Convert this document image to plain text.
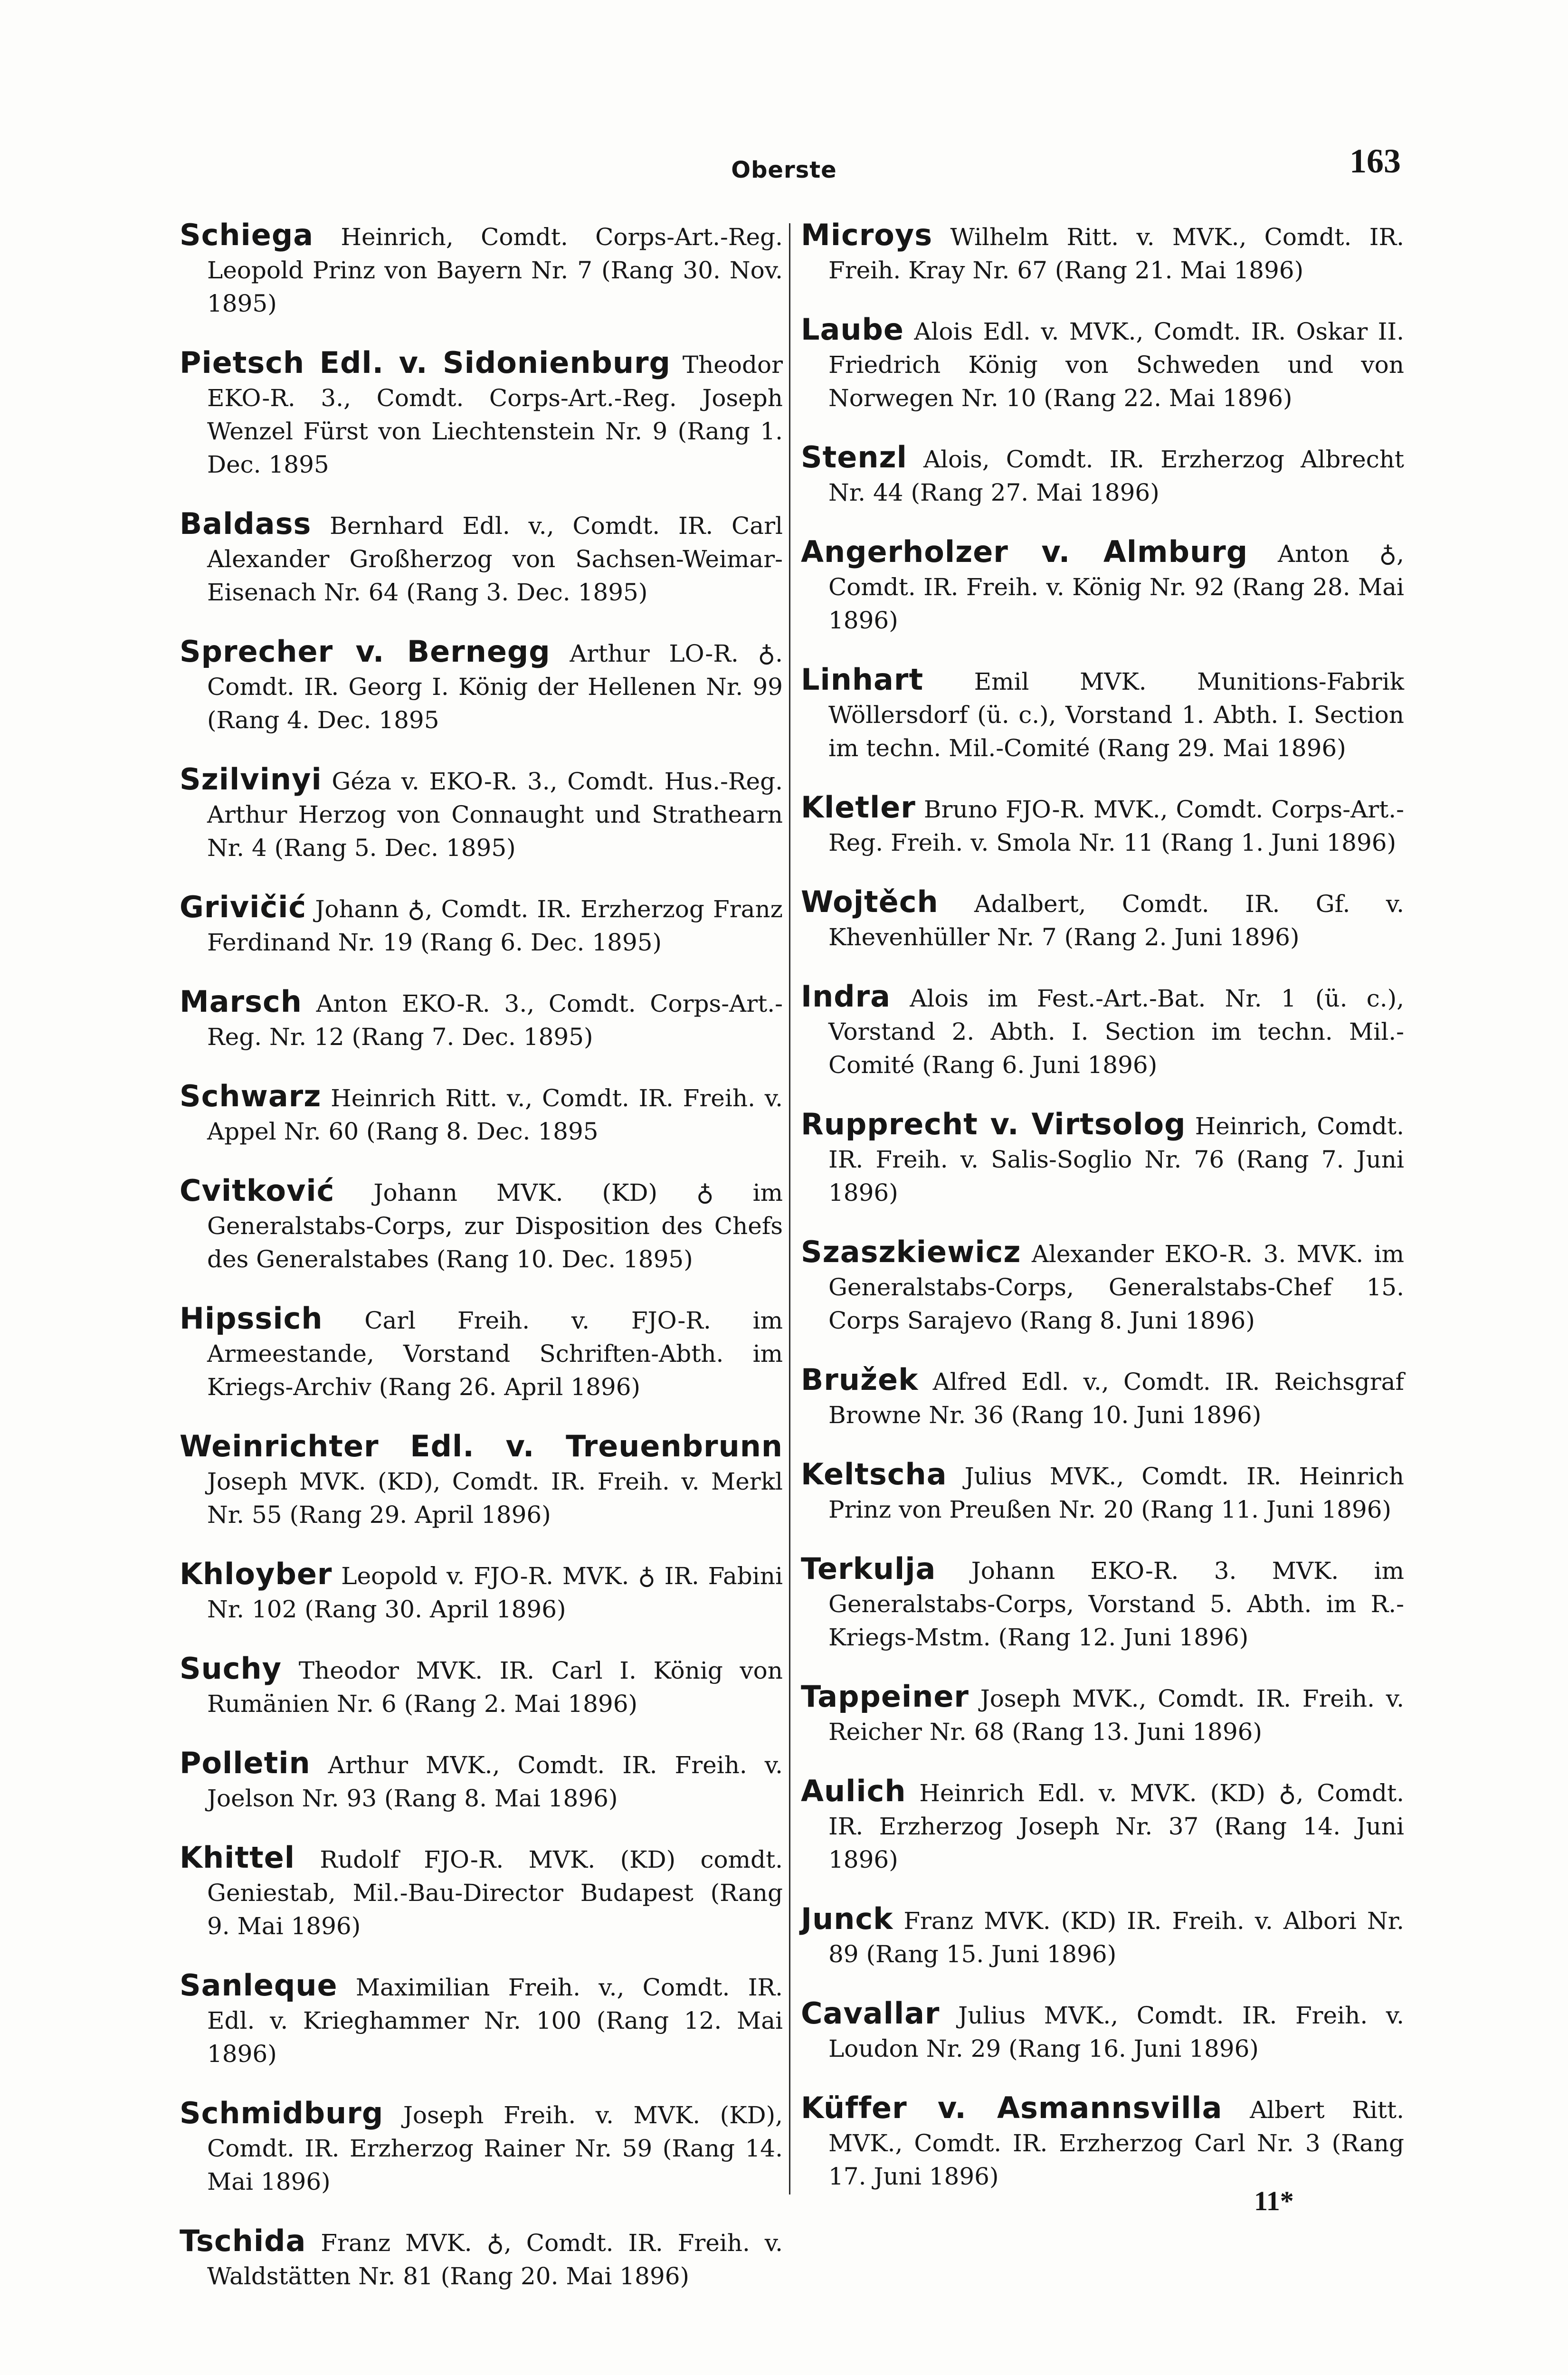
Oberste	163
Schiega Heinrich, Comdt. Corps-Art.-Reg. Leopold Prinz von Bayern Nr. 7 (Rang 30. Nov. 1895)
Pietsch Edl. v. Sidonienburg Theodor EKO-R. 3., Comdt. Corps-Art.-Reg. Joseph Wenzel Fürst von Liechtenstein Nr. 9 (Rang 1. Dec. 1895
Baldass Bernhard Edl. v., Comdt. IR. Carl Alexander Großherzog von Sachsen-Weimar-Eisenach Nr. 64 (Rang 3. Dec. 1895)
Sprecher v. Bernegg Arthur LO-R. ♁. Comdt. IR. Georg I. König der Hellenen Nr. 99 (Rang 4. Dec. 1895
Szilvinyi Géza v. EKO-R. 3., Comdt. Hus.-Reg. Arthur Herzog von Connaught und Strathearn Nr. 4 (Rang 5. Dec. 1895)
Grivičić Johann ♁, Comdt. IR. Erzherzog Franz Ferdinand Nr. 19 (Rang 6. Dec. 1895)
Marsch Anton EKO-R. 3., Comdt. Corps-Art.-Reg. Nr. 12 (Rang 7. Dec. 1895)
Schwarz Heinrich Ritt. v., Comdt. IR. Freih. v. Appel Nr. 60 (Rang 8. Dec. 1895
Cvitković Johann MVK. (KD) ♁ im Generalstabs-Corps, zur Disposition des Chefs des Generalstabes (Rang 10. Dec. 1895)
Hipssich Carl Freih. v. FJO-R. im Armeestande, Vorstand Schriften-Abth. im Kriegs-Archiv (Rang 26. April 1896)
Weinrichter Edl. v. Treuenbrunn Joseph MVK. (KD), Comdt. IR. Freih. v. Merkl Nr. 55 (Rang 29. April 1896)
Khloyber Leopold v. FJO-R. MVK. ♁ IR. Fabini Nr. 102 (Rang 30. April 1896)
Suchy Theodor MVK. IR. Carl I. König von Rumänien Nr. 6 (Rang 2. Mai 1896)
Polletin Arthur MVK., Comdt. IR. Freih. v. Joelson Nr. 93 (Rang 8. Mai 1896)
Khittel Rudolf FJO-R. MVK. (KD) comdt. Geniestab, Mil.-Bau-Director Budapest (Rang 9. Mai 1896)
Sanleque Maximilian Freih. v., Comdt. IR. Edl. v. Krieghammer Nr. 100 (Rang 12. Mai 1896)
Schmidburg Joseph Freih. v. MVK. (KD), Comdt. IR. Erzherzog Rainer Nr. 59 (Rang 14. Mai 1896)
Tschida Franz MVK. ♁, Comdt. IR. Freih. v. Waldstätten Nr. 81 (Rang 20. Mai 1896)
Microys Wilhelm Ritt. v. MVK., Comdt. IR. Freih. Kray Nr. 67 (Rang 21. Mai 1896)
Laube Alois Edl. v. MVK., Comdt. IR. Oskar II. Friedrich König von Schweden und von Norwegen Nr. 10 (Rang 22. Mai 1896)
Stenzl Alois, Comdt. IR. Erzherzog Albrecht Nr. 44 (Rang 27. Mai 1896)
Angerholzer v. Almburg Anton ♁, Comdt. IR. Freih. v. König Nr. 92 (Rang 28. Mai 1896)
Linhart Emil MVK. Munitions-Fabrik Wöllersdorf (ü. c.), Vorstand 1. Abth. I. Section im techn. Mil.-Comité (Rang 29. Mai 1896)
Kletler Bruno FJO-R. MVK., Comdt. Corps-Art.-Reg. Freih. v. Smola Nr. 11 (Rang 1. Juni 1896)
Wojtěch Adalbert, Comdt. IR. Gf. v. Khevenhüller Nr. 7 (Rang 2. Juni 1896)
Indra Alois im Fest.-Art.-Bat. Nr. 1 (ü. c.), Vorstand 2. Abth. I. Section im techn. Mil.-Comité (Rang 6. Juni 1896)
Rupprecht v. Virtsolog Heinrich, Comdt. IR. Freih. v. Salis-Soglio Nr. 76 (Rang 7. Juni 1896)
Szaszkiewicz Alexander EKO-R. 3. MVK. im Generalstabs-Corps, Generalstabs-Chef 15. Corps Sarajevo (Rang 8. Juni 1896)
Bružek Alfred Edl. v., Comdt. IR. Reichsgraf Browne Nr. 36 (Rang 10. Juni 1896)
Keltscha Julius MVK., Comdt. IR. Heinrich Prinz von Preußen Nr. 20 (Rang 11. Juni 1896)
Terkulja Johann EKO-R. 3. MVK. im Generalstabs-Corps, Vorstand 5. Abth. im R.-Kriegs-Mstm. (Rang 12. Juni 1896)
Tappeiner Joseph MVK., Comdt. IR. Freih. v. Reicher Nr. 68 (Rang 13. Juni 1896)
Aulich Heinrich Edl. v. MVK. (KD) ♁, Comdt. IR. Erzherzog Joseph Nr. 37 (Rang 14. Juni 1896)
Junck Franz MVK. (KD) IR. Freih. v. Albori Nr. 89 (Rang 15. Juni 1896)
Cavallar Julius MVK., Comdt. IR. Freih. v. Loudon Nr. 29 (Rang 16. Juni 1896)
Küffer v. Asmannsvilla Albert Ritt. MVK., Comdt. IR. Erzherzog Carl Nr. 3 (Rang 17. Juni 1896)
11*
